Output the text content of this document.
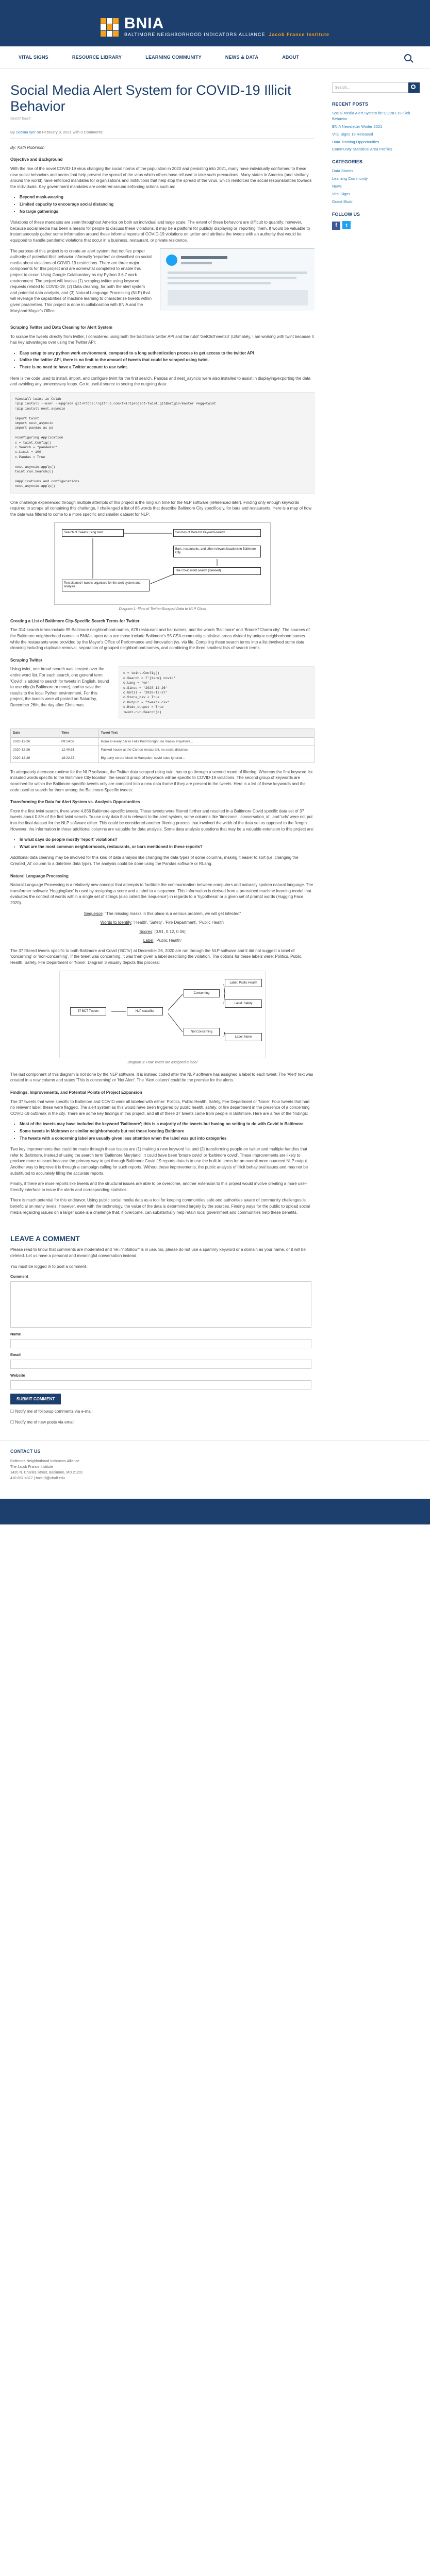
BNIA
BALTIMORE NEIGHBORHOOD INDICATORS ALLIANCE Jacob France Institute
VITAL SIGNS	RESOURCE LIBRARY	LEARNING COMMUNITY	NEWS & DATA	ABOUT
Social Media Alert System for COVID-19 Illicit Behavior
Guest Blurb
By Seema Iyer on February 9, 2021 with 0 Comments
By: Kath Robinson
Objective and Background

With the rise of the novel COVID-19 virus changing the social norms of the population in 2020 and persisting into 2021, many have individually conformed to these new social behaviors and norms that help prevent the spread of the virus which others have refused to take such precautions. Many states in America (and similarly around the world) have enforced mandates for organizations and institutions that help stop the spread of the virus, which reinforces the social responsibilities towards the individuals. Key government mandates are centered around enforcing actions such as:

• Beyond mask-wearing
• Limited capacity to encourage social distancing
• No large gatherings

Violations of these mandates are seen throughout America on both an individual and large scale. The extent of these behaviors are difficult to quantify; however, because social media has been a means for people to discuss these violations, it may be a platform for publicly displaying or 'reporting' them. It would be valuable to instantaneously gather some information around these informal reports of COVID-19 violations on twitter and attribute the tweets with an authority that would be equipped to handle pandemic violations that occur in a business, restaurant, or private residence.

The purpose of this project is to create an alert system that notifies proper authority of potential illicit behavior informally 'reported' or described on social media about violations of COVID-19 restrictions. There are three major components for this project and are somewhat completed to enable this project to occur: Using Google Colaboratory as my Python 3.6.7 work environment. The project will involve (1) scraping twitter using keyword requests related to COVID-19, (2) Data cleaning, for both the alert system and potential data analysis, and (3) Natural Language Processing (NLP) that will leverage the capabilities of machine learning to characterize tweets within given parameters. This project is done in collaboration with BNIA and the Maryland Mayor's Office.

Scraping Twitter and Data Cleaning for Alert System

To scrape the tweets directly from twitter, I considered using both the traditional twitter API and the rutof 'GetOldTweets3' (Ultimately, I am working with twint because it has key advantages over using the Twitter API:

• Easy setup to any python work environment, compared to a long authentication process to get access to the twitter API
• Unlike the twitter API, there is no limit to the amount of tweets that could be scraped using twint.
• There is no need to have a Twitter account to use twint.

Here is the code used to install, import, and configure twint for the first search. Pandas and nest_asyncio were also installed to assist in displaying/exporting the data and avoiding any unnecessary loops. Go to useful source to seeing the outgoing data:

#install twint in Colab
!pip install --user --upgrade git+https://github.com/twintproject/twint.git@origin/master #egg=twint
!pip install nest_asyncio

import twint
import nest_asyncio
import pandas as pd

#configuring Application
c = twint.Config()
c.Search = "pandemic"
c.Limit = 100
c.Pandas = True

nest_asyncio.apply()
twint.run.Search(c)

#Applications and configurations
nest_asyncio.apply()

One challenge experienced through multiple attempts of this project is the long run time for the NLP software (referenced later). Finding only enough keywords required to scrape all containing this challenge, I challenged a list of 86 words that describe Baltimore City specifically, for bars and restaurants. Here is a map of how the data was filtered to come to a more specific and smaller dataset for NLP:

Search of Tweets using twint	Sources of Data for Keyword-search
Bars, restaurants, and other relevant locations in Baltimore City
The Covid word search (cleaned)
Text cleaned / tweets organized for the alert system and analysis
Diagram 1: Flow of Twitter-Scraped Data to NLP Class
Creating a List of Baltimore City-Specific Search Terms for Twitter

The 314 search terms include 99 Baltimore neighborhood names, 678 restaurant and bar names, and the words 'Baltimore' and 'Bmore'/'Charm city'. The sources of the Baltimore neighborhood names in BNIA's open data are those include Baltimore's 55 CSA community statistical areas divided by unique neighborhood names while the restaurants were provided by the Mayor's Office of Performance and Innovation (vs. via file. Compiling these search terms into a list involved some data cleaning including duplicate removal, separation of grouped neighborhood names, and combining the three smallest lists of search terms.

Scraping Twitter
c = twint.Config()
c.Search = f'{term} covid'
c.Lang = 'en'
c.Since = '2020-12-26'
c.Until = '2020-12-27'
c.Store_csv = True
c.Output = "tweets.csv"
c.Hide_output = True
twint.run.Search(c)

Using twint, one broad search was iterated over the entire word list. For each search, one general term 'Covid' is added to search for tweets in English, bound to one city (in Baltimore or more), and to save the results to the local Python environment. For this project, the tweets were all posted on Saturday, December 26th, the day after Christmas.

Date	Time	Tweet Text
2020-12-26	09:14:02	Rona at every bar in Fells Point tonight, no masks anywhere...
2020-12-26	12:40:51	Packed house at the Canton restaurant, no social distance...
2020-12-26	18:22:37	Big party on our block in Hampden, covid rules ignored...

To adequately decrease runtime for the NLP software, the Twitter data scraped using twint has to go through a second round of filtering. Whereas the first keyword list included words specific to the Baltimore City location, the second group of keywords will be specific to COVID-19 violations. The second group of keywords are searched for within the Baltimore-specific tweets only are compiled into a new data frame if they are present in the tweets. Here is a list of these keywords and the code used to search for them among the Baltimore-Specific tweets:

Transforming the Data for Alert System vs. Analysis Opportunities

From the first twint search, there were 4,856 Baltimore-specific tweets. These tweets were filtered further and resulted in a Baltimore Covid specific data set of 37 tweets about 0.8% of the first twint search. To use only data that is relevant to the alert system, some columns like 'timezone', 'conversation_id', and 'urls' were not put into the final dataset for the NLP software either. This could be considered another filtering process that involved the width of the data set as opposed to the 'length'. However, the information in these additional columns are valuable for data analysis. Some data analysis questions that may be a valuable extension to this project are:

• In what days do people mostly 'report' violations?
• What are the most common neighborhoods, restaurants, or bars mentioned in these reports?

Additional data cleaning may be involved for this kind of data analysis like changing the data types of some columns, making it easier to sort (i.e. changing the Created_At' column to a datetime data type). The analysis could be done using the Pandas software or RLang.

Natural Language Processing

Natural Language Processing is a relatively new concept that attempts to facilitate the communication between computers and naturally spoken natural language. The transformer software 'Huggingface' is used by assigning a score and a label to a sequence. This information is derived from a pretrained machine learning model that evaluates the context of words within a single set of strings (also called the 'sequence') in regards to a 'hypothesis' or a given set of prompt words (Hugging Face, 2020).

Sequence: "The missing masks in this place is a serious problem, we will get infected"
Words to Identify: 'Health', 'Safety', 'Fire Department', 'Public Health'
Scores: [0.91, 0.12, 0.06]
Label: 'Public Health'

The 37 filtered tweets specific to both Baltimore and Covid (‘BCTs’) at December 26, 2020 are ran through the NLP software and it did not suggest a label of 'concerning' or 'non-concerning'. If the tweet was concerning, it was then given a label describing the violation. The options for these labels were: Politics, Public Health, Safety, Fire Department or 'None'. Diagram 3 visually depicts this process:

37 BCT Tweets	NLP classifier
Concerning
Not Concerning
Label: Public Health
Label: Safety
Label: None
Diagram 3: How Tweet are assigned a label

The last component of this diagram is not done by the NLP software. It is instead coded after the NLP software has assigned a label to each tweet. The 'Alert' text was created in a new column and states 'This is concerning' or 'Not Alert'. The 'Alert column' could be the premise for the alerts.

Findings, Improvements, and Potential Points of Project Expansion

The 37 tweets that were specific to Baltimore and COVID were all labeled with either: Politics, Public Health, Safety, Fire Department or 'None'. Four tweets that had no relevant label; these were flagged. The alert system as this would have been triggered by public health, safety, or fire department in the presence of a concerning COVID-19 outbreak in the city. There are some key findings in this project, and all of these 37 tweets came from people in Baltimore. Here are a few of the findings:

• Most of the tweets may have included the keyword 'Baltimore'; this is a majority of the tweets but having no setting to do with Covid in Baltimore
• Some tweets in Mobtown or similar neighborhoods but not those locating Baltimore
• The tweets with a concerning label are usually given less attention when the label was put into categories

Two key improvements that could be made through these issues are (1) making a new keyword list and (2) transforming people on twitter and multiple handles that refer to Baltimore. Instead of using the search term 'Baltimore Maryland', it could have been 'bmore covid' or 'baltimore covid'. These improvements are likely to produce more relevant because the primary way to get through Baltimore Covid-19 reports data is to use the built-in terms for an overall more nuanced NLP output. Another way to improve it is through a campaign calling for such reports. Without these improvements, the public analysis of illicit behavioral issues and may not be substituted to accurately filling the accurate reports.

Finally, if there are more reports like tweets and the structural issues are able to be overcome, another extension to this project would involve creating a more user-friendly interface to issue the alerts and corresponding statistics.

There is much potential for this endeavor. Using public social media data as a tool for keeping communities safe and authorities aware of community challenges is beneficial on many levels. However, even with the technology, the value of the data is determined largely by the sources. Finding ways for the public to upload social media regarding issues on a larger scale is a challenge that, if overcome, can substantially help retain local government and communities help these benefits.

Search...
RECENT POSTS
Social Media Alert System for COVID-19 Illicit Behavior
BNIA Newsletter Winter 2021
Vital Signs 19 Released
Data Training Opportunities
Community Statistical Area Profiles
CATEGORIES
Data Stories
Learning Community
News
Vital Signs
Guest Blurb
FOLLOW US
f t
LEAVE A COMMENT

Please read to know that comments are moderated and 'rel="nofollow"' is in use. So, please do not use a spammy keyword or a domain as your name, or it will be deleted. Let us have a personal and meaningful conversation instead.

You must be logged in to post a comment.

Comment
Name
Email
Website
SUBMIT COMMENT

☐ Notify me of followup comments via e-mail

☐ Notify me of new posts via email

CONTACT US
Baltimore Neighborhood Indicators Alliance
The Jacob France Institute
1420 N. Charles Street, Baltimore, MD 21201
410-837-4377 | bnia-jfi@ubalt.edu
